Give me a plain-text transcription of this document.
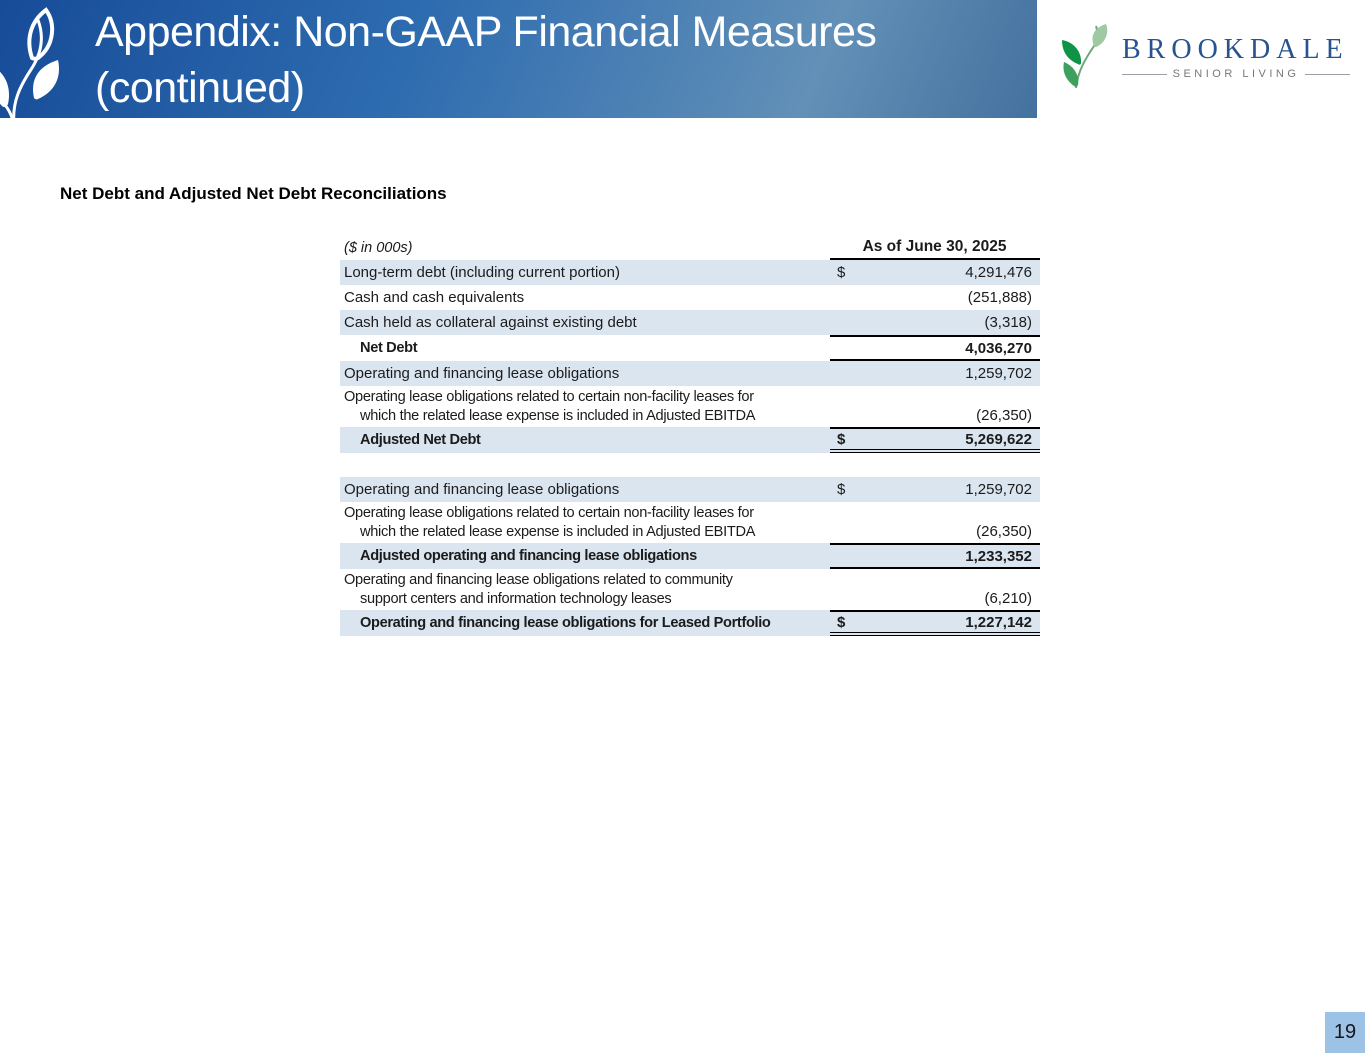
Appendix: Non-GAAP Financial Measures
(continued)
BROOKDALE
SENIOR LIVING
Net Debt and Adjusted Net Debt Reconciliations
($ in 000s)	As of June 30, 2025
Long-term debt (including current portion)	$	4,291,476
Cash and cash equivalents	(251,888)
Cash held as collateral against existing debt	(3,318)
Net Debt	4,036,270
Operating and financing lease obligations	1,259,702
Operating lease obligations related to certain non-facility leases for
which the related lease expense is included in Adjusted EBITDA	(26,350)
Adjusted Net Debt	$	5,269,622
Operating and financing lease obligations	$	1,259,702
Operating lease obligations related to certain non-facility leases for
which the related lease expense is included in Adjusted EBITDA	(26,350)
Adjusted operating and financing lease obligations	1,233,352
Operating and financing lease obligations related to community
support centers and information technology leases	(6,210)
Operating and financing lease obligations for Leased Portfolio	$	1,227,142
19
